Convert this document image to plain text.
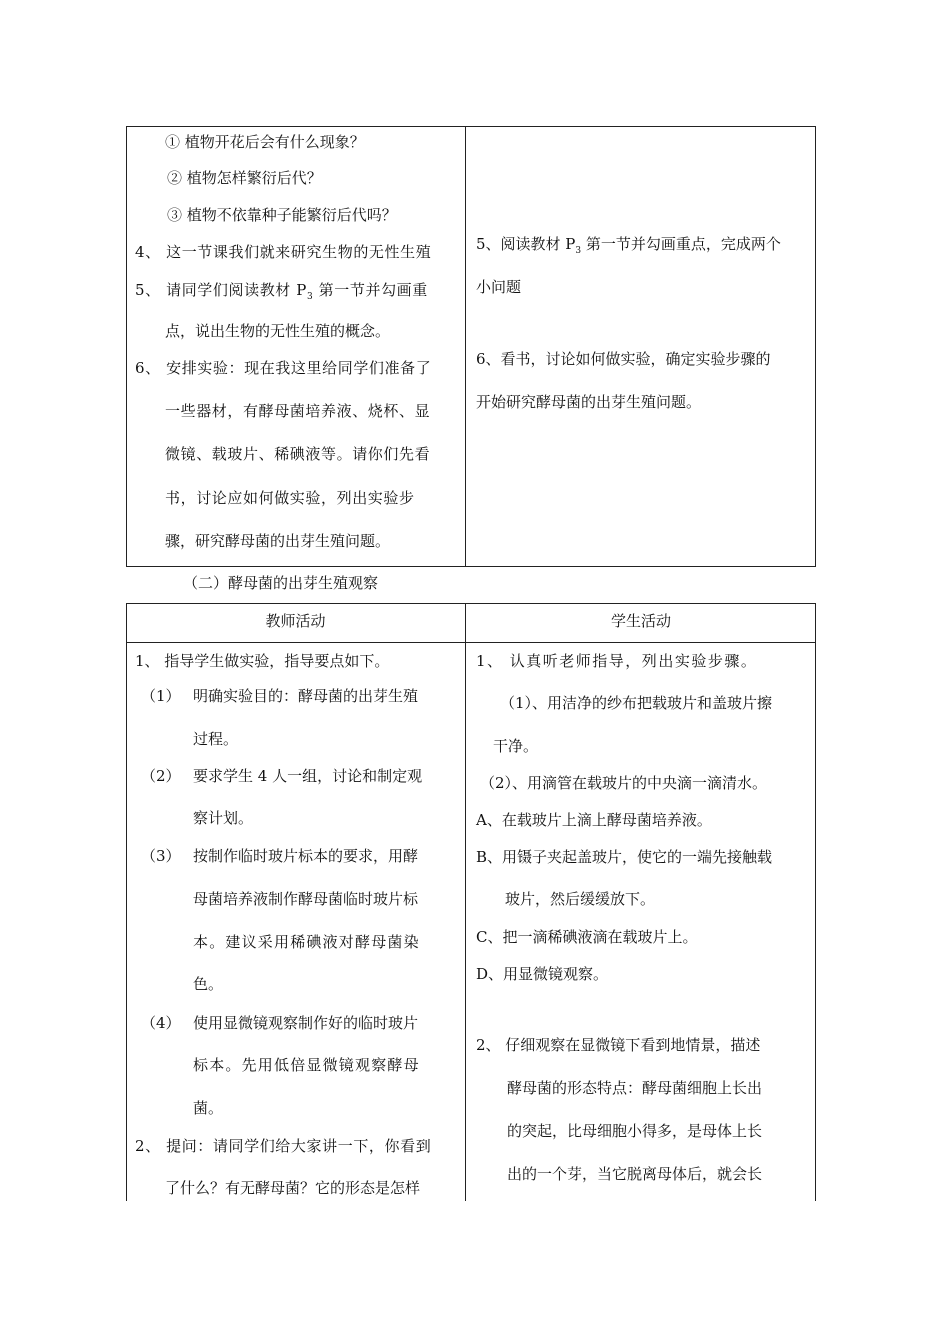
① 植物开花后会有什么现象？
② 植物怎样繁衍后代？
③ 植物不依靠种子能繁衍后代吗？
4、 这一节课我们就来研究生物的无性生殖
5、 请同学们阅读教材 $P_3$ 第一节并勾画重
点，说出生物的无性生殖的概念。
6、 安排实验：现在我这里给同学们准备了
一些器材，有酵母菌培养液、烧杯、显
微镜、载玻片、稀碘液等。请你们先看
书，讨论应如何做实验，列出实验步
骤，研究酵母菌的出芽生殖问题。
5、阅读教材 $P_3$ 第一节并勾画重点，完成两个
小问题
6、看书，讨论如何做实验，确定实验步骤的
开始研究酵母菌的出芽生殖问题。
（二）酵母菌的出芽生殖观察
教师活动	学生活动
1、 指导学生做实验，指导要点如下。
（1） 明确实验目的：酵母菌的出芽生殖
过程。
（2） 要求学生 4 人一组，讨论和制定观
察计划。
（3） 按制作临时玻片标本的要求，用酵
母菌培养液制作酵母菌临时玻片标
本。建议采用稀碘液对酵母菌染
色。
（4） 使用显微镜观察制作好的临时玻片
标本。先用低倍显微镜观察酵母
菌。
2、 提问：请同学们给大家讲一下，你看到
了什么？有无酵母菌？它的形态是怎样
1、 认真听老师指导，列出实验步骤。
（1）、用洁净的纱布把载玻片和盖玻片擦
干净。
（2）、用滴管在载玻片的中央滴一滴清水。
A、在载玻片上滴上酵母菌培养液。
B、用镊子夹起盖玻片，使它的一端先接触载
玻片，然后缓缓放下。
C、把一滴稀碘液滴在载玻片上。
D、用显微镜观察。
2、 仔细观察在显微镜下看到地情景，描述
酵母菌的形态特点：酵母菌细胞上长出
的突起，比母细胞小得多，是母体上长
出的一个芽，当它脱离母体后，就会长
